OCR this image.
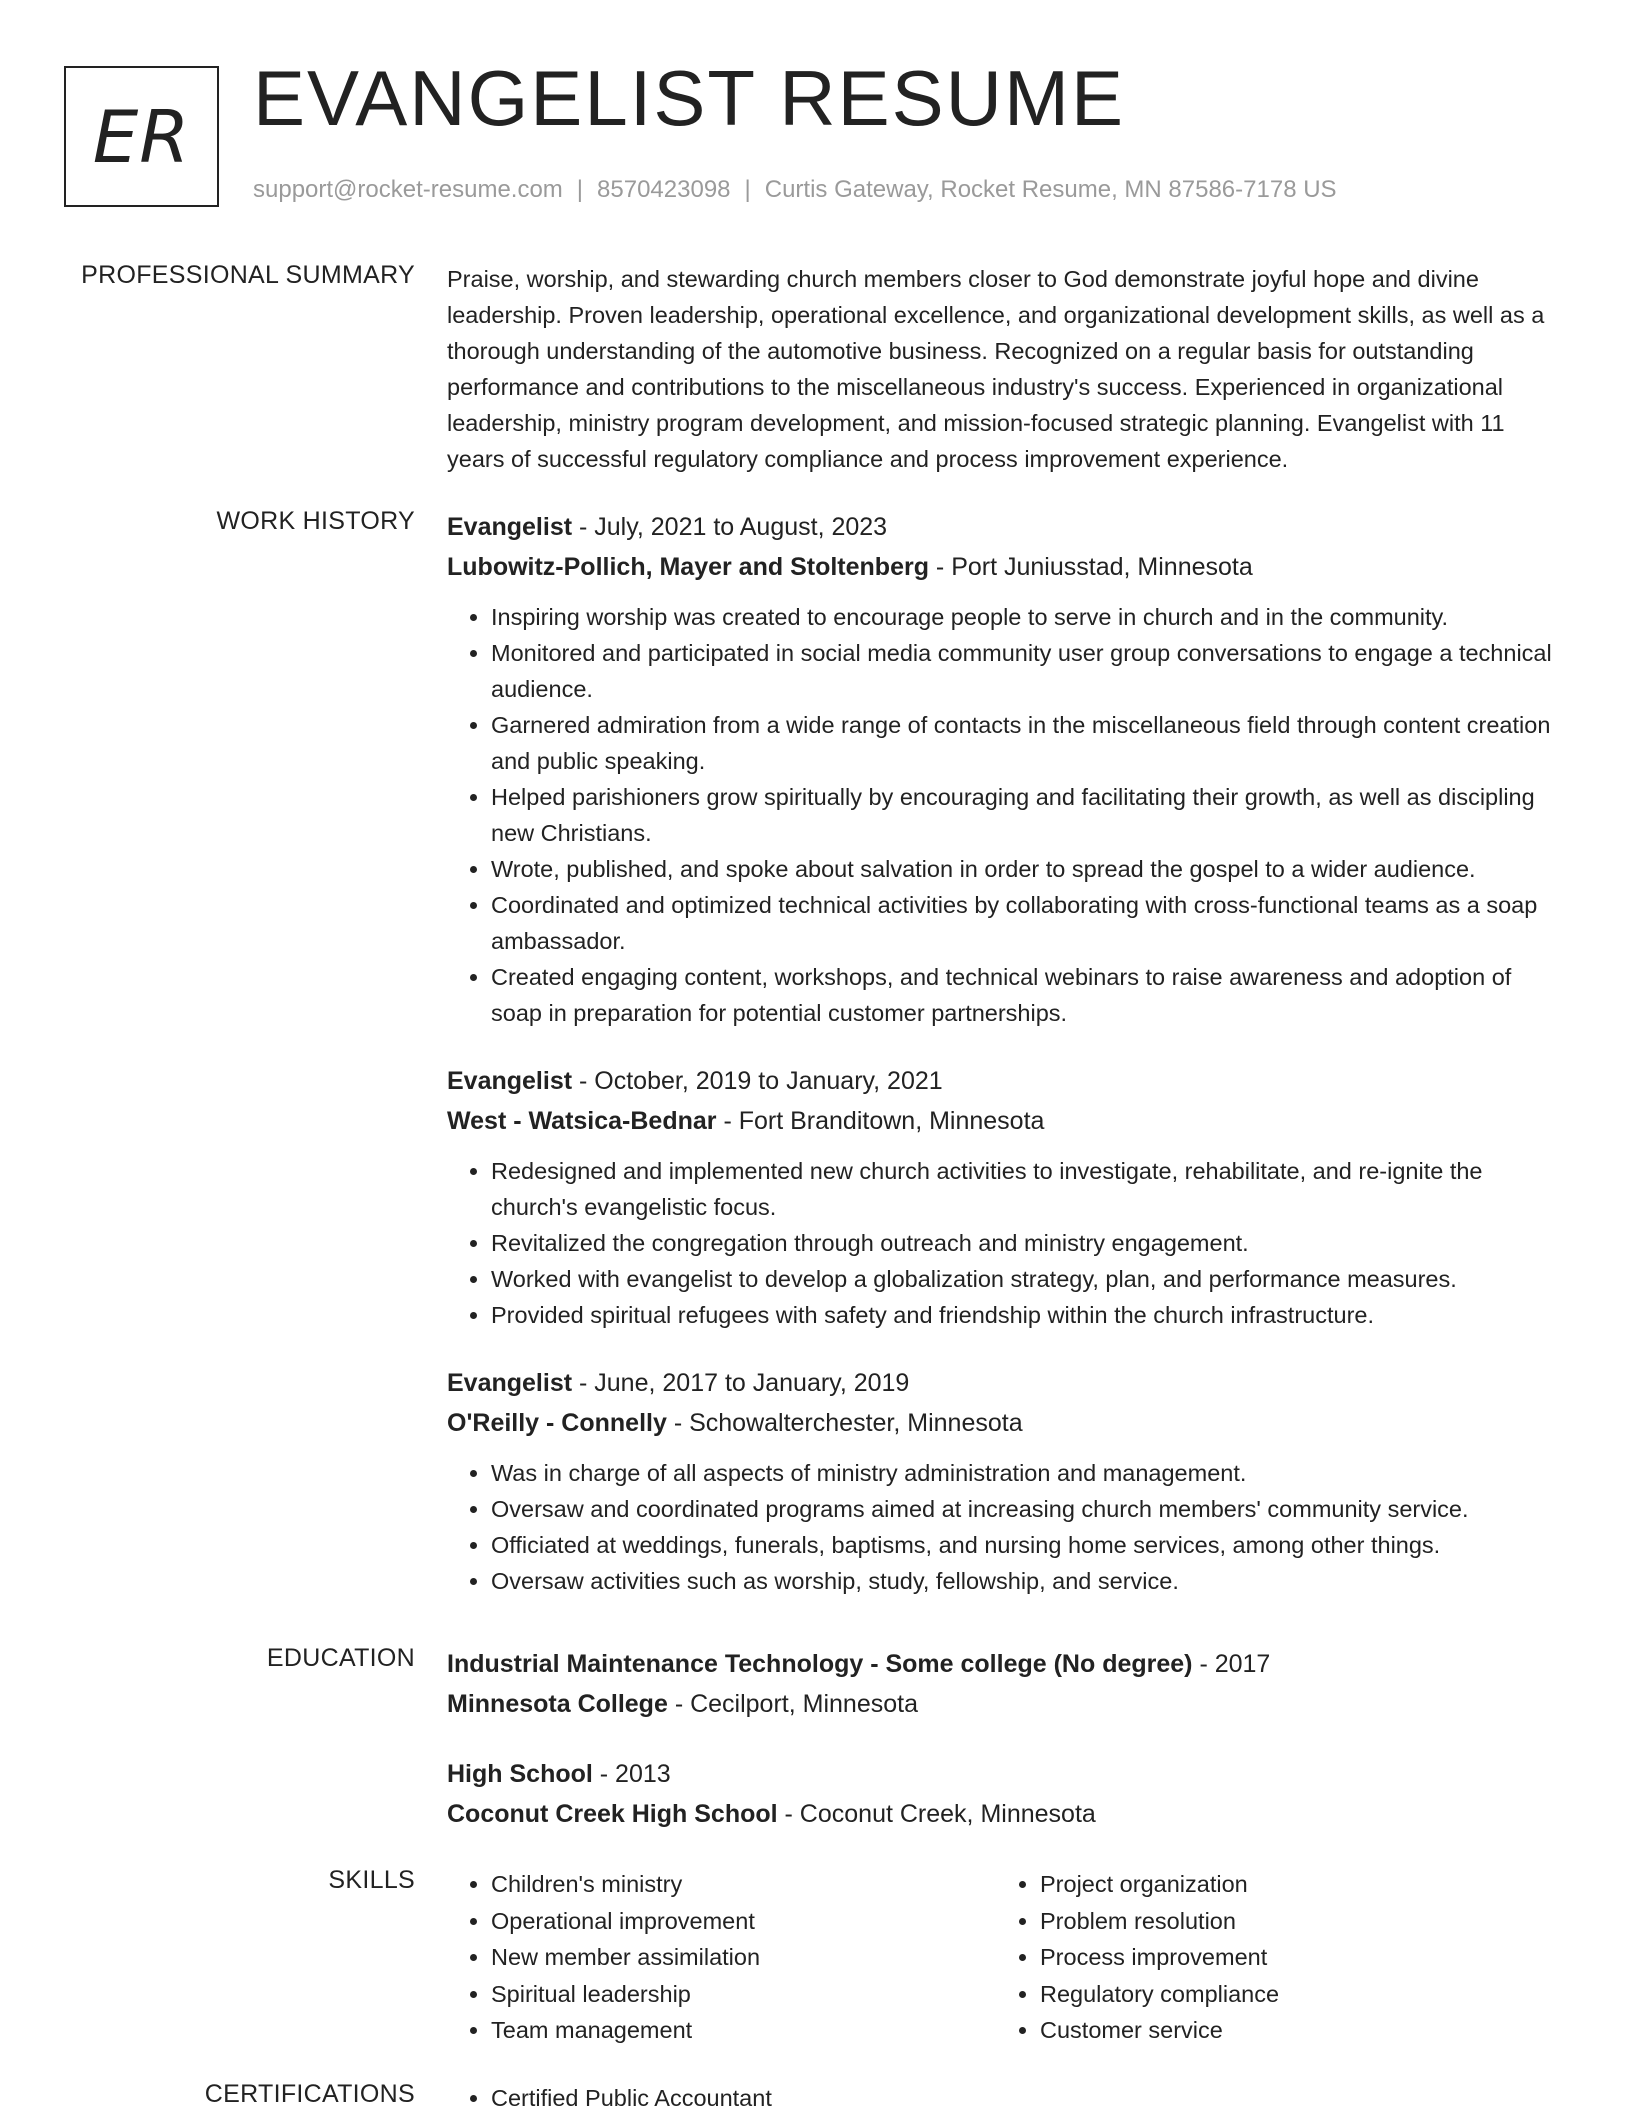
ER EVANGELIST RESUME
support@rocket-resume.com | 8570423098 | Curtis Gateway, Rocket Resume, MN 87586-7178 US
PROFESSIONAL SUMMARY Praise, worship, and stewarding church members closer to God demonstrate joyful hope and divine leadership. Proven leadership, operational excellence, and organizational development skills, as well as a thorough understanding of the automotive business. Recognized on a regular basis for outstanding performance and contributions to the miscellaneous industry's success. Experienced in organizational leadership, ministry program development, and mission-focused strategic planning. Evangelist with 11 years of successful regulatory compliance and process improvement experience.

WORK HISTORY Evangelist - July, 2021 to August, 2023
Lubowitz-Pollich, Mayer and Stoltenberg - Port Juniusstad, Minnesota
• Inspiring worship was created to encourage people to serve in church and in the community.
• Monitored and participated in social media community user group conversations to engage a technical audience.
• Garnered admiration from a wide range of contacts in the miscellaneous field through content creation and public speaking.
• Helped parishioners grow spiritually by encouraging and facilitating their growth, as well as discipling new Christians.
• Wrote, published, and spoke about salvation in order to spread the gospel to a wider audience.
• Coordinated and optimized technical activities by collaborating with cross-functional teams as a soap ambassador.
• Created engaging content, workshops, and technical webinars to raise awareness and adoption of soap in preparation for potential customer partnerships.
Evangelist - October, 2019 to January, 2021
West - Watsica-Bednar - Fort Branditown, Minnesota
• Redesigned and implemented new church activities to investigate, rehabilitate, and re-ignite the church's evangelistic focus.
• Revitalized the congregation through outreach and ministry engagement.
• Worked with evangelist to develop a globalization strategy, plan, and performance measures.
• Provided spiritual refugees with safety and friendship within the church infrastructure.
Evangelist - June, 2017 to January, 2019
O'Reilly - Connelly - Schowalterchester, Minnesota
• Was in charge of all aspects of ministry administration and management.
• Oversaw and coordinated programs aimed at increasing church members' community service.
• Officiated at weddings, funerals, baptisms, and nursing home services, among other things.
• Oversaw activities such as worship, study, fellowship, and service.
EDUCATION Industrial Maintenance Technology - Some college (No degree) - 2017
Minnesota College - Cecilport, Minnesota
High School - 2013
Coconut Creek High School - Coconut Creek, Minnesota
SKILLS	• Children's ministry
• Operational improvement
• New member assimilation
• Spiritual leadership
• Team management
• Project organization
• Problem resolution
• Process improvement
• Regulatory compliance
• Customer service
CERTIFICATIONS	• Certified Public Accountant
